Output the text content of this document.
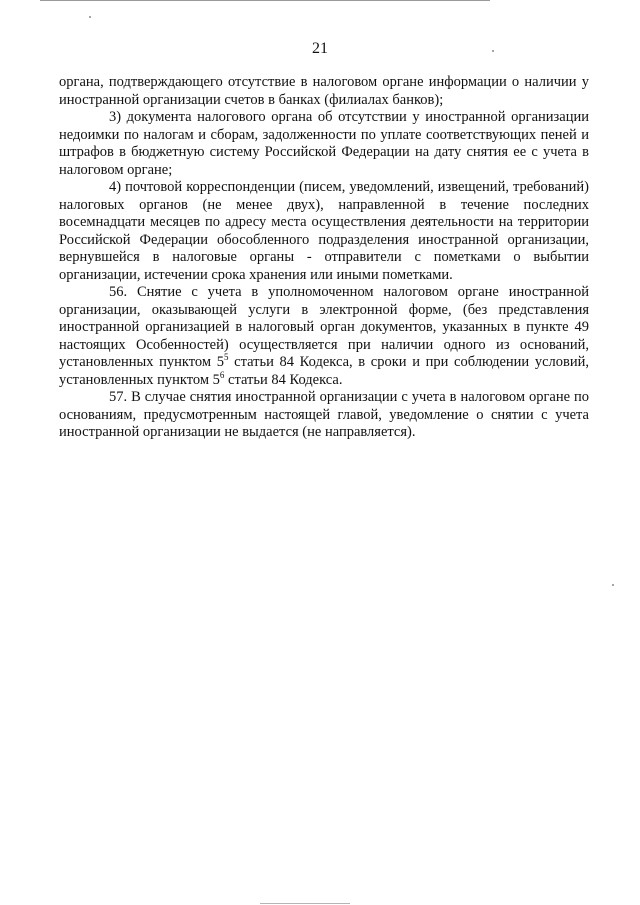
21

органа, подтверждающего отсутствие в налоговом органе информации о наличии у иностранной организации счетов в банках (филиалах банков);

3) документа налогового органа об отсутствии у иностранной организации недоимки по налогам и сборам, задолженности по уплате соответствующих пеней и штрафов в бюджетную систему Российской Федерации на дату снятия ее с учета в налоговом органе;

4) почтовой корреспонденции (писем, уведомлений, извещений, требований) налоговых органов (не менее двух), направленной в течение последних восемнадцати месяцев по адресу места осуществления деятельности на территории Российской Федерации обособленного подразделения иностранной организации, вернувшейся в налоговые органы - отправители с пометками о выбытии организации, истечении срока хранения или иными пометками.

56. Снятие с учета в уполномоченном налоговом органе иностранной организации, оказывающей услуги в электронной форме, (без представления иностранной организацией в налоговый орган документов, указанных в пункте 49 настоящих Особенностей) осуществляется при наличии одного из оснований, установленных пунктом $5^5$ статьи 84 Кодекса, в сроки и при соблюдении условий, установленных пунктом $5^6$ статьи 84 Кодекса.

57. В случае снятия иностранной организации с учета в налоговом органе по основаниям, предусмотренным настоящей главой, уведомление о снятии с учета иностранной организации не выдается (не направляется).
